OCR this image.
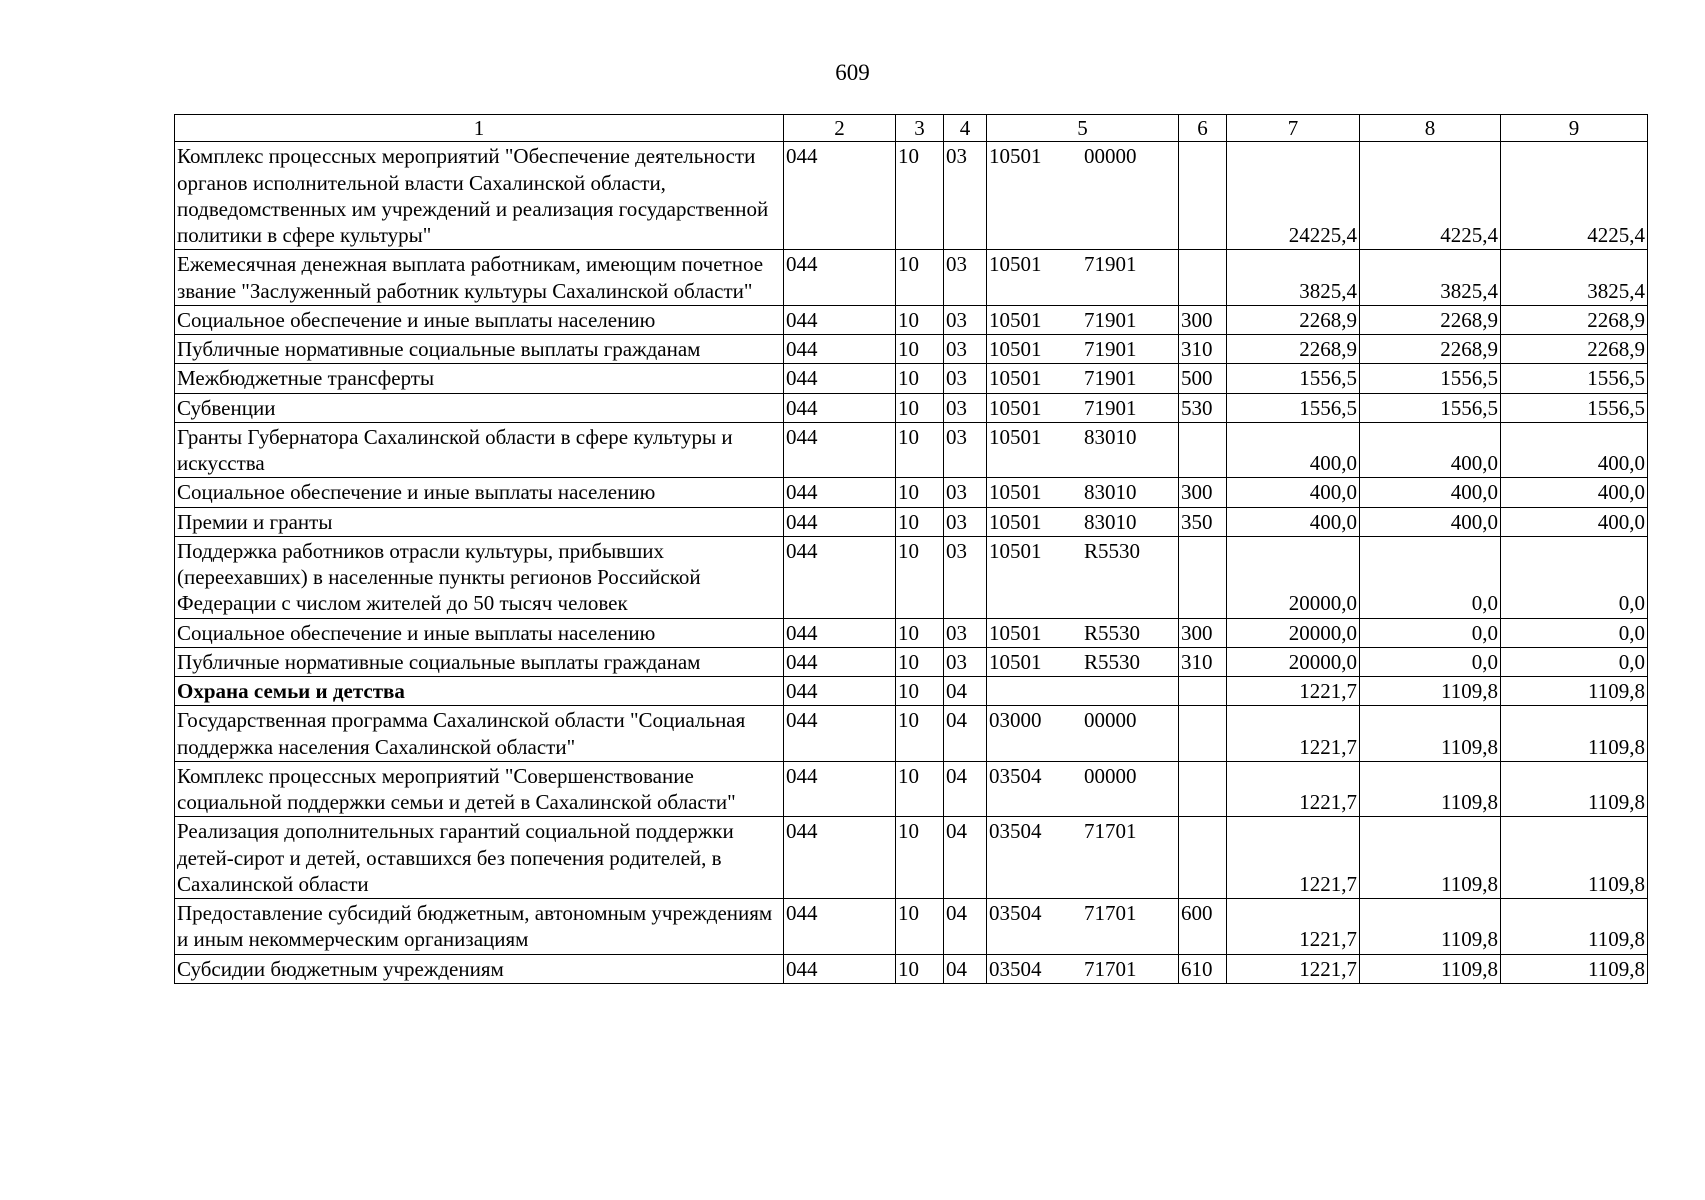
609
1	2	3	4	5	6	7	8	9
Комплекс процессных мероприятий "Обеспечение деятельности органов исполнительной власти Сахалинской области, подведомственных им учреждений и реализация государственной политики в сфере культуры"	044	10	03	10501 00000		24225,4	4225,4	4225,4
Ежемесячная денежная выплата работникам, имеющим почетное звание "Заслуженный работник культуры Сахалинской области"	044	10	03	10501 71901		3825,4	3825,4	3825,4
Социальное обеспечение и иные выплаты населению	044	10	03	10501 71901	300	2268,9	2268,9	2268,9
Публичные нормативные социальные выплаты гражданам	044	10	03	10501 71901	310	2268,9	2268,9	2268,9
Межбюджетные трансферты	044	10	03	10501 71901	500	1556,5	1556,5	1556,5
Субвенции	044	10	03	10501 71901	530	1556,5	1556,5	1556,5
Гранты Губернатора Сахалинской области в сфере культуры и искусства	044	10	03	10501 83010		400,0	400,0	400,0
Социальное обеспечение и иные выплаты населению	044	10	03	10501 83010	300	400,0	400,0	400,0
Премии и гранты	044	10	03	10501 83010	350	400,0	400,0	400,0
Поддержка работников отрасли культуры, прибывших (переехавших) в населенные пункты регионов Российской Федерации с числом жителей до 50 тысяч человек	044	10	03	10501 R5530		20000,0	0,0	0,0
Социальное обеспечение и иные выплаты населению	044	10	03	10501 R5530	300	20000,0	0,0	0,0
Публичные нормативные социальные выплаты гражданам	044	10	03	10501 R5530	310	20000,0	0,0	0,0
Охрана семьи и детства	044	10	04			1221,7	1109,8	1109,8
Государственная программа Сахалинской области "Социальная поддержка населения Сахалинской области"	044	10	04	03000 00000		1221,7	1109,8	1109,8
Комплекс процессных мероприятий "Совершенствование социальной поддержки семьи и детей в Сахалинской области"	044	10	04	03504 00000		1221,7	1109,8	1109,8
Реализация дополнительных гарантий социальной поддержки детей-сирот и детей, оставшихся без попечения родителей, в Сахалинской области	044	10	04	03504 71701		1221,7	1109,8	1109,8
Предоставление субсидий бюджетным, автономным учреждениям и иным некоммерческим организациям	044	10	04	03504 71701	600	1221,7	1109,8	1109,8
Субсидии бюджетным учреждениям	044	10	04	03504 71701	610	1221,7	1109,8	1109,8
